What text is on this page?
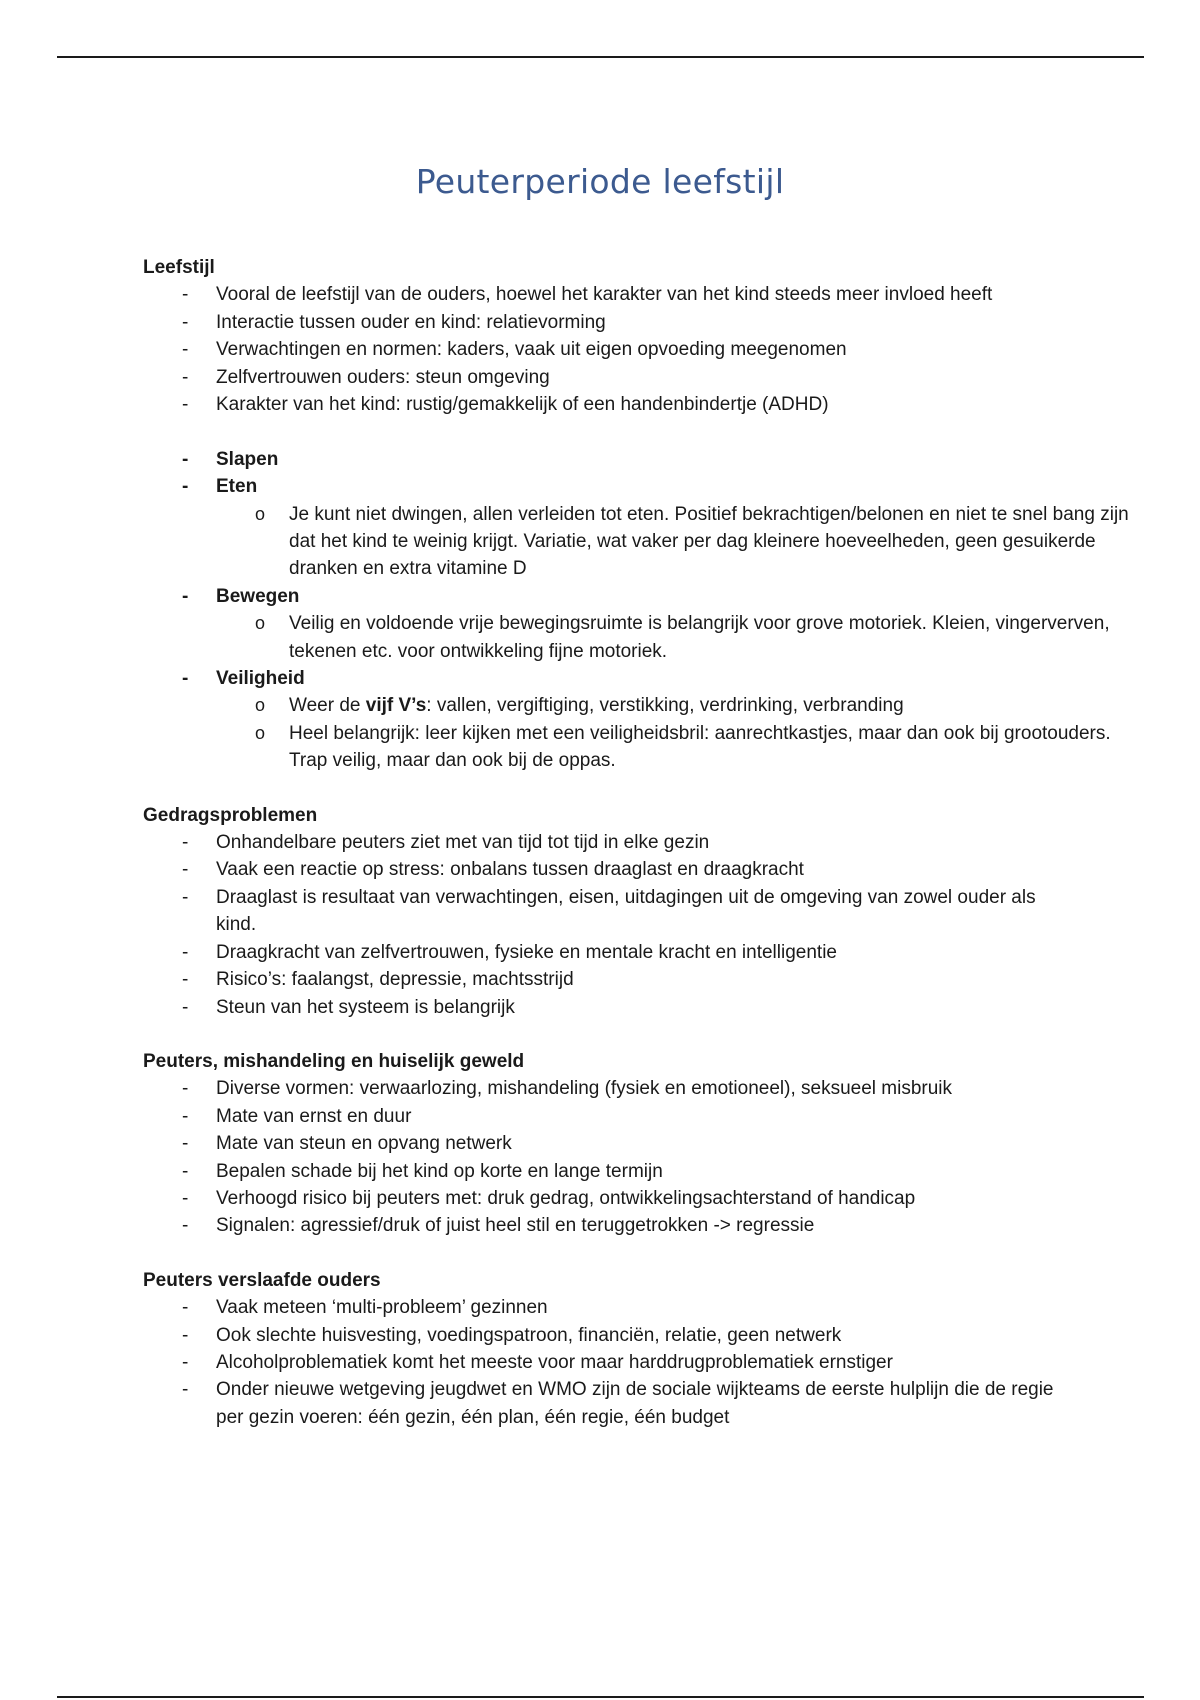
Peuterperiode leefstijl
Leefstijl
- Vooral de leefstijl van de ouders, hoewel het karakter van het kind steeds meer invloed heeft
- Interactie tussen ouder en kind: relatievorming
- Verwachtingen en normen: kaders, vaak uit eigen opvoeding meegenomen
- Zelfvertrouwen ouders: steun omgeving
- Karakter van het kind: rustig/gemakkelijk of een handenbindertje (ADHD)
- Slapen
- Eten
o Je kunt niet dwingen, allen verleiden tot eten. Positief bekrachtigen/belonen en niet te snel bang zijn dat het kind te weinig krijgt. Variatie, wat vaker per dag kleinere hoeveelheden, geen gesuikerde dranken en extra vitamine D
- Bewegen
o Veilig en voldoende vrije bewegingsruimte is belangrijk voor grove motoriek. Kleien, vingerverven, tekenen etc. voor ontwikkeling fijne motoriek.
- Veiligheid
o Weer de vijf V’s: vallen, vergiftiging, verstikking, verdrinking, verbranding
o Heel belangrijk: leer kijken met een veiligheidsbril: aanrechtkastjes, maar dan ook bij grootouders. Trap veilig, maar dan ook bij de oppas.
Gedragsproblemen
- Onhandelbare peuters ziet met van tijd tot tijd in elke gezin
- Vaak een reactie op stress: onbalans tussen draaglast en draagkracht
- Draaglast is resultaat van verwachtingen, eisen, uitdagingen uit de omgeving van zowel ouder als kind.
- Draagkracht van zelfvertrouwen, fysieke en mentale kracht en intelligentie
- Risico’s: faalangst, depressie, machtsstrijd
- Steun van het systeem is belangrijk
Peuters, mishandeling en huiselijk geweld
- Diverse vormen: verwaarlozing, mishandeling (fysiek en emotioneel), seksueel misbruik
- Mate van ernst en duur
- Mate van steun en opvang netwerk
- Bepalen schade bij het kind op korte en lange termijn
- Verhoogd risico bij peuters met: druk gedrag, ontwikkelingsachterstand of handicap
- Signalen: agressief/druk of juist heel stil en teruggetrokken -> regressie
Peuters verslaafde ouders
- Vaak meteen ‘multi-probleem’ gezinnen
- Ook slechte huisvesting, voedingspatroon, financiën, relatie, geen netwerk
- Alcoholproblematiek komt het meeste voor maar harddrugproblematiek ernstiger
- Onder nieuwe wetgeving jeugdwet en WMO zijn de sociale wijkteams de eerste hulplijn die de regie per gezin voeren: één gezin, één plan, één regie, één budget
